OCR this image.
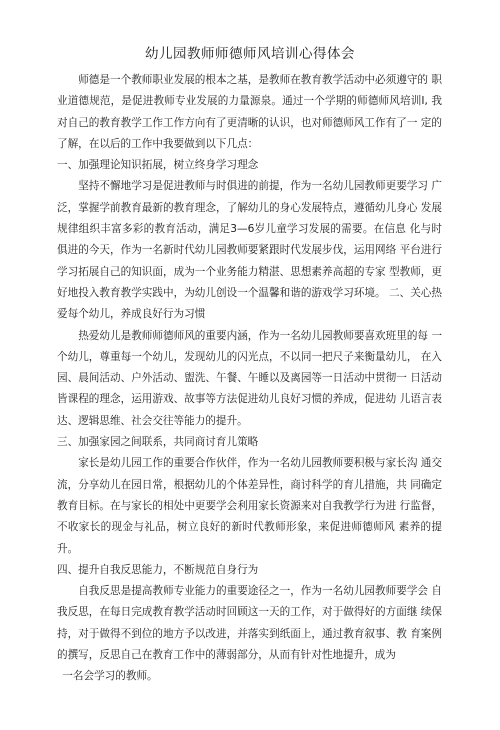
幼儿园教师师德师风培训心得体会

师德是一个教师职业发展的根本之基，是教师在教育教学活动中必须遵守的 职业道德规范，是促进教师专业发展的力量源泉。通过一个学期的师德师风培训I, 我对自己的教育教学工作工作方向有了更清晰的认识，也对师德师风工作有了一 定的了解，在以后的工作中我要做到以下几点：

一、加强理论知识拓展，树立终身学习理念

坚持不懈地学习是促进教师与时俱进的前提，作为一名幼儿园教师更要学习 广泛，掌握学前教育最新的教育理念，了解幼儿的身心发展特点，遵循幼儿身心 发展规律组织丰富多彩的教育活动，满足3—6岁儿童学习发展的需要。在信息 化与时俱进的今天，作为一名新时代幼儿园教师要紧跟时代发展步伐，运用网络 平台进行学习拓展自己的知识面，成为一个业务能力精湛、思想素养高超的专家 型教师，更好地投入教育教学实践中，为幼儿创设一个温馨和谐的游戏学习环境。 二、关心热爱每个幼儿，养成良好行为习惯

热爱幼儿是教师师德师风的重要内涵，作为一名幼儿园教师要喜欢班里的每 一个幼儿，尊重每一个幼儿，发现幼儿的闪光点，不以同一把尺子来衡量幼儿， 在入园、晨间活动、户外活动、盥洗、午餐、午睡以及离园等一日活动中贯彻一 日活动皆课程的理念，运用游戏、故事等方法促进幼儿良好习惯的养成，促进幼 儿语言表达、逻辑思维、社会交往等能力的提升。

三、加强家园之间联系，共同商讨育儿策略

家长是幼儿园工作的重要合作伙伴，作为一名幼儿园教师要积极与家长沟 通交流，分享幼儿在园日常，根据幼儿的个体差异性，商讨科学的育儿措施，共 同确定教育目标。在与家长的相处中更要学会利用家长资源来对自我教学行为进 行监督，不收家长的现金与礼品，树立良好的新时代教师形象，来促进师德师风 素养的提升。

四、提升自我反思能力，不断规范自身行为

自我反思是提高教师专业能力的重要途径之一，作为一名幼儿园教师要学会 自我反思，在每日完成教育教学活动时回顾这一天的工作，对于做得好的方面继 续保持，对于做得不到位的地方予以改进，并落实到纸面上，通过教育叙事、教 育案例的撰写，反思自己在教育工作中的薄弱部分，从而有针对性地提升，成为

一名会学习的教师。
